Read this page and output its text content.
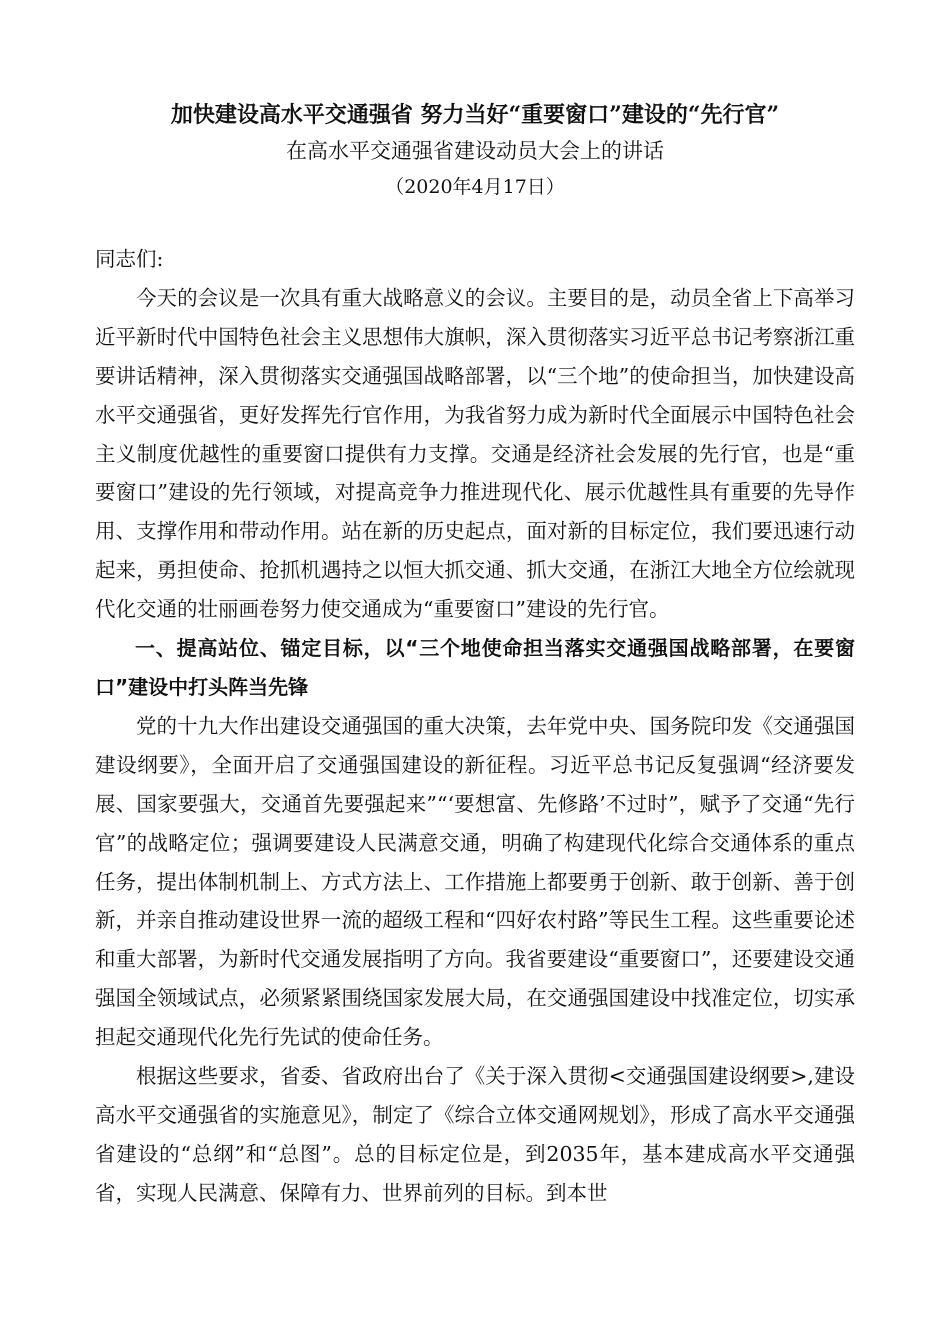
加快建设高水平交通强省 努力当好“重要窗口”建设的“先行官”
在高水平交通强省建设动员大会上的讲话
（2020年4月17日）

同志们:

今天的会议是一次具有重大战略意义的会议。主要目的是，动员全省上下高举习近平新时代中国特色社会主义思想伟大旗帜，深入贯彻落实习近平总书记考察浙江重要讲话精神，深入贯彻落实交通强国战略部署，以“三个地”的使命担当，加快建设高水平交通强省，更好发挥先行官作用，为我省努力成为新时代全面展示中国特色社会主义制度优越性的重要窗口提供有力支撑。交通是经济社会发展的先行官，也是“重要窗口”建设的先行领域，对提高竞争力推进现代化、展示优越性具有重要的先导作用、支撑作用和带动作用。站在新的历史起点，面对新的目标定位，我们要迅速行动起来，勇担使命、抢抓机遇持之以恒大抓交通、抓大交通，在浙江大地全方位绘就现代化交通的壮丽画卷努力使交通成为“重要窗口”建设的先行官。

一、提高站位、锚定目标，以“三个地使命担当落实交通强国战略部署，在要窗口”建设中打头阵当先锋

党的十九大作出建设交通强国的重大决策，去年党中央、国务院印发《交通强国建设纲要》，全面开启了交通强国建设的新征程。习近平总书记反复强调“经济要发展、国家要强大，交通首先要强起来”“‘要想富、先修路’不过时”，赋予了交通“先行官”的战略定位；强调要建设人民满意交通，明确了构建现代化综合交通体系的重点任务，提出体制机制上、方式方法上、工作措施上都要勇于创新、敢于创新、善于创新，并亲自推动建设世界一流的超级工程和“四好农村路”等民生工程。这些重要论述和重大部署，为新时代交通发展指明了方向。我省要建设“重要窗口”，还要建设交通强国全领域试点，必须紧紧围绕国家发展大局，在交通强国建设中找准定位，切实承担起交通现代化先行先试的使命任务。

根据这些要求，省委、省政府出台了《关于深入贯彻<交通强国建设纲要>,建设高水平交通强省的实施意见》，制定了《综合立体交通网规划》，形成了高水平交通强省建设的“总纲”和“总图”。总的目标定位是，到2035年，基本建成高水平交通强省，实现人民满意、保障有力、世界前列的目标。到本世
